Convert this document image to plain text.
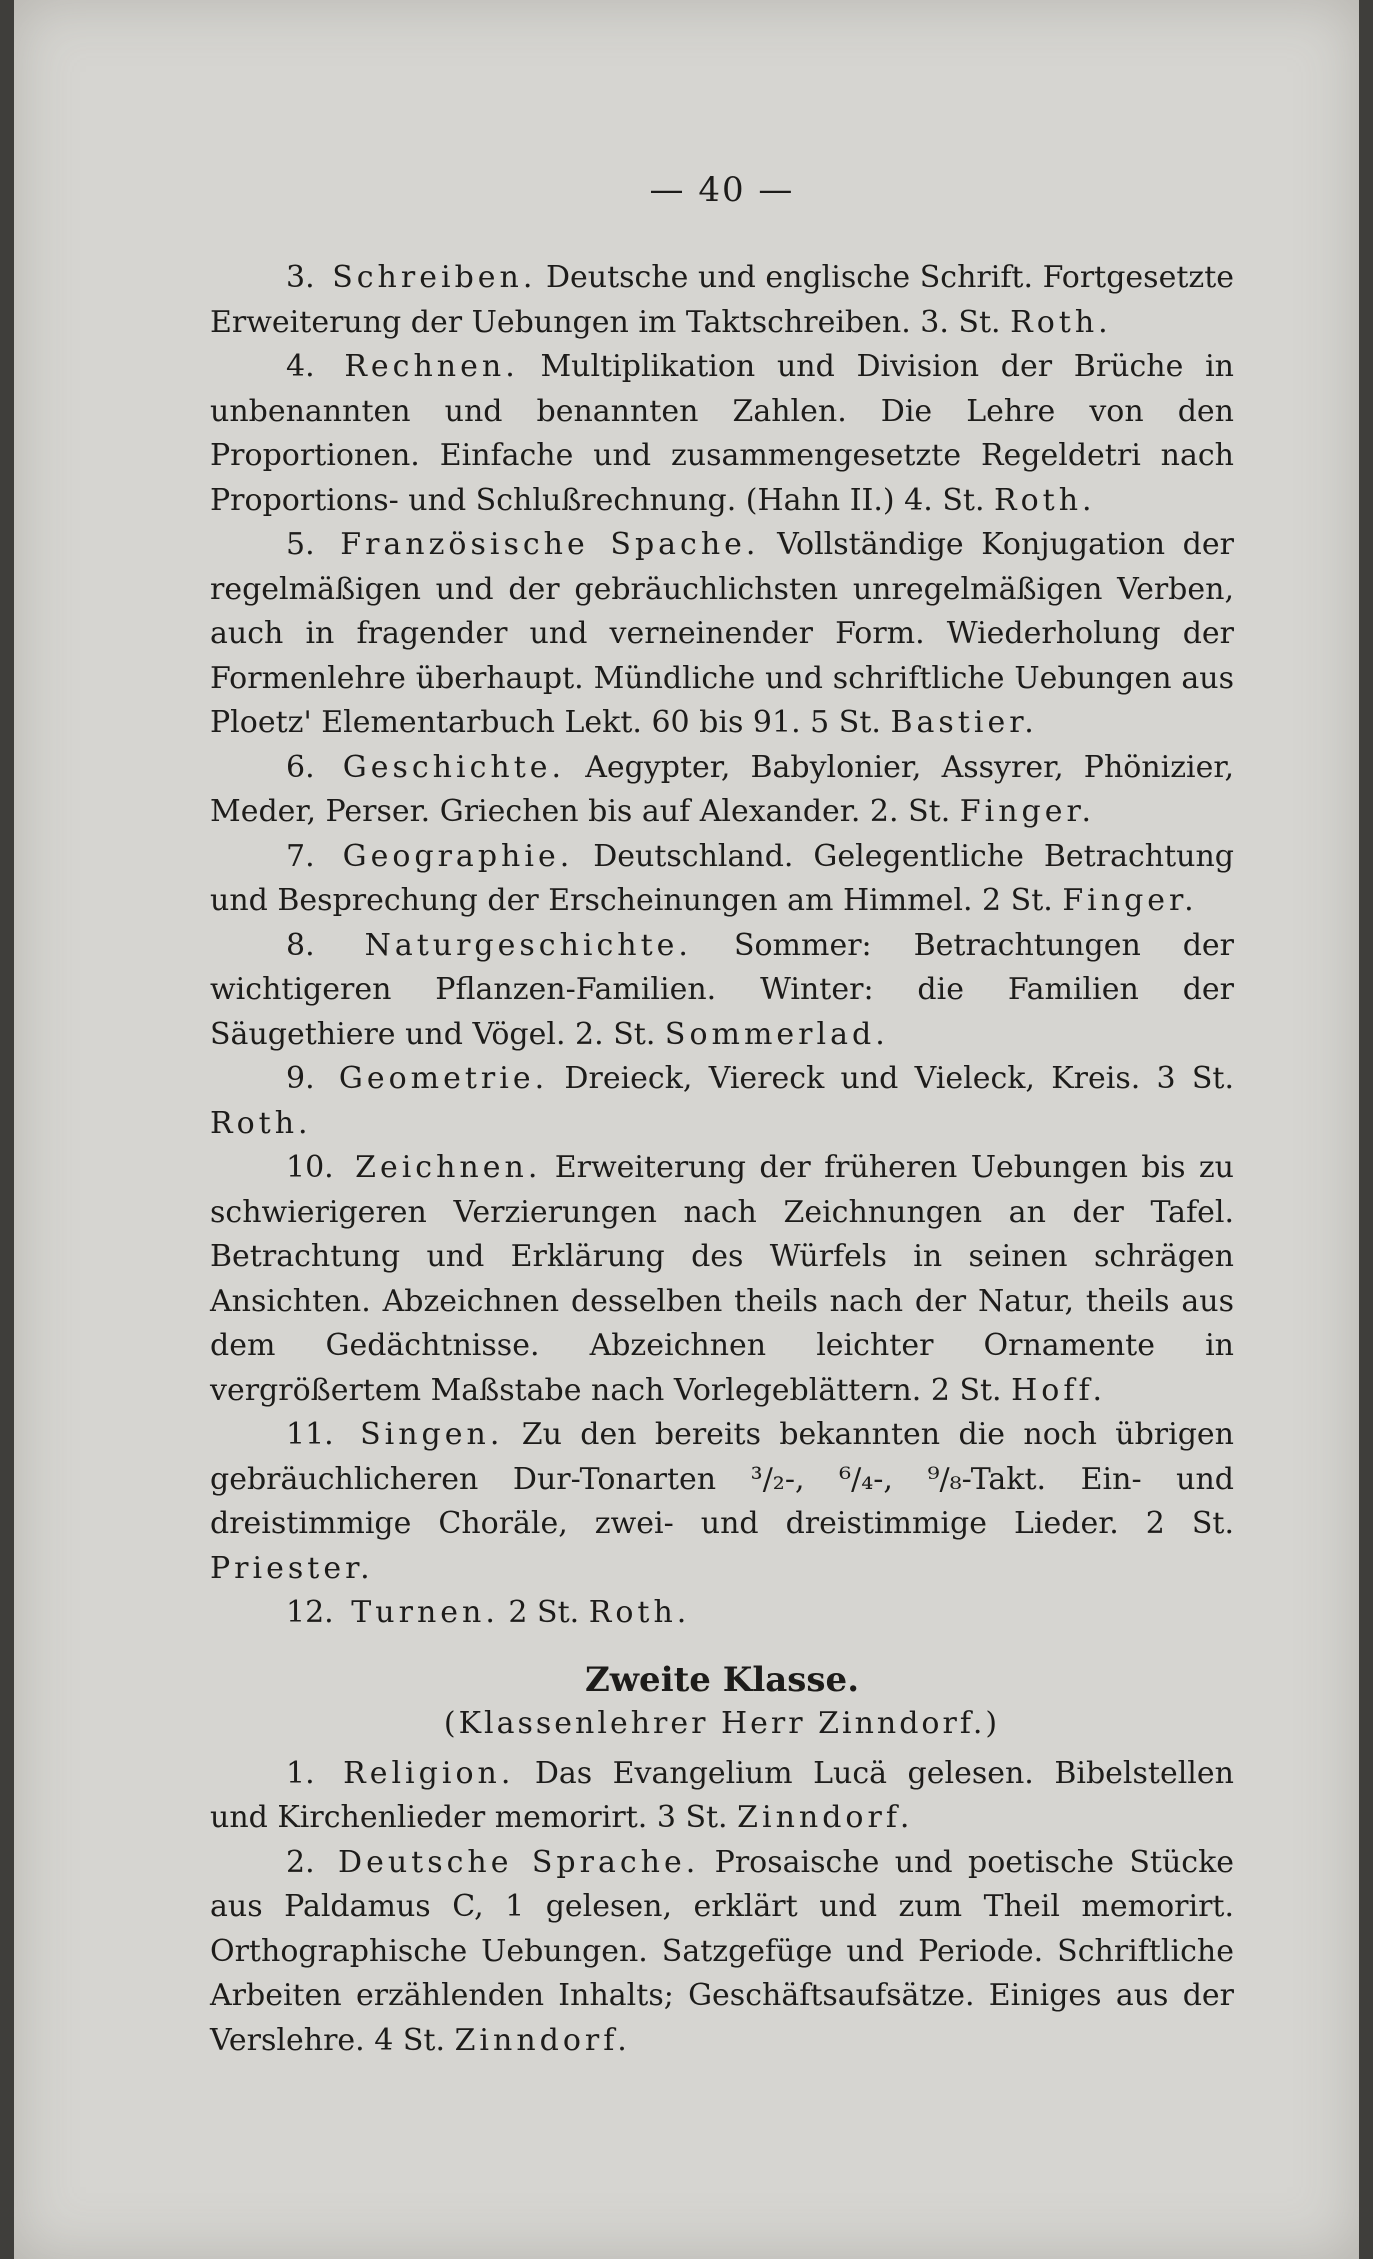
— 40 —

3. Schreiben. Deutsche und englische Schrift. Fortgesetzte Erweiterung der Uebungen im Taktschreiben. 3. St. Roth.

4. Rechnen. Multiplikation und Division der Brüche in unbenannten und benannten Zahlen. Die Lehre von den Proportionen. Einfache und zusammengesetzte Regeldetri nach Proportions- und Schlußrechnung. (Hahn II.) 4. St. Roth.

5. Französische Spache. Vollständige Konjugation der regelmäßigen und der gebräuchlichsten unregelmäßigen Verben, auch in fragender und verneinender Form. Wiederholung der Formenlehre überhaupt. Mündliche und schriftliche Uebungen aus Ploetz' Elementarbuch Lekt. 60 bis 91. 5 St. Bastier.

6. Geschichte. Aegypter, Babylonier, Assyrer, Phönizier, Meder, Perser. Griechen bis auf Alexander. 2. St. Finger.

7. Geographie. Deutschland. Gelegentliche Betrachtung und Besprechung der Erscheinungen am Himmel. 2 St. Finger.

8. Naturgeschichte. Sommer: Betrachtungen der wichtigeren Pflanzen-Familien. Winter: die Familien der Säugethiere und Vögel. 2. St. Sommerlad.

9. Geometrie. Dreieck, Viereck und Vieleck, Kreis. 3 St. Roth.

10. Zeichnen. Erweiterung der früheren Uebungen bis zu schwierigeren Verzierungen nach Zeichnungen an der Tafel. Betrachtung und Erklärung des Würfels in seinen schrägen Ansichten. Abzeichnen desselben theils nach der Natur, theils aus dem Gedächtnisse. Abzeichnen leichter Ornamente in vergrößertem Maßstabe nach Vorlegeblättern. 2 St. Hoff.

11. Singen. Zu den bereits bekannten die noch übrigen gebräuchlicheren Dur-Tonarten ³/₂-, ⁶/₄-, ⁹/₈-Takt. Ein- und dreistimmige Choräle, zwei- und dreistimmige Lieder. 2 St. Priester.

12. Turnen. 2 St. Roth.

Zweite Klasse.
(Klassenlehrer Herr Zinndorf.)

1. Religion. Das Evangelium Lucä gelesen. Bibelstellen und Kirchenlieder memorirt. 3 St. Zinndorf.

2. Deutsche Sprache. Prosaische und poetische Stücke aus Paldamus C, 1 gelesen, erklärt und zum Theil memorirt. Orthographische Uebungen. Satzgefüge und Periode. Schriftliche Arbeiten erzählenden Inhalts; Geschäftsaufsätze. Einiges aus der Verslehre. 4 St. Zinndorf.
